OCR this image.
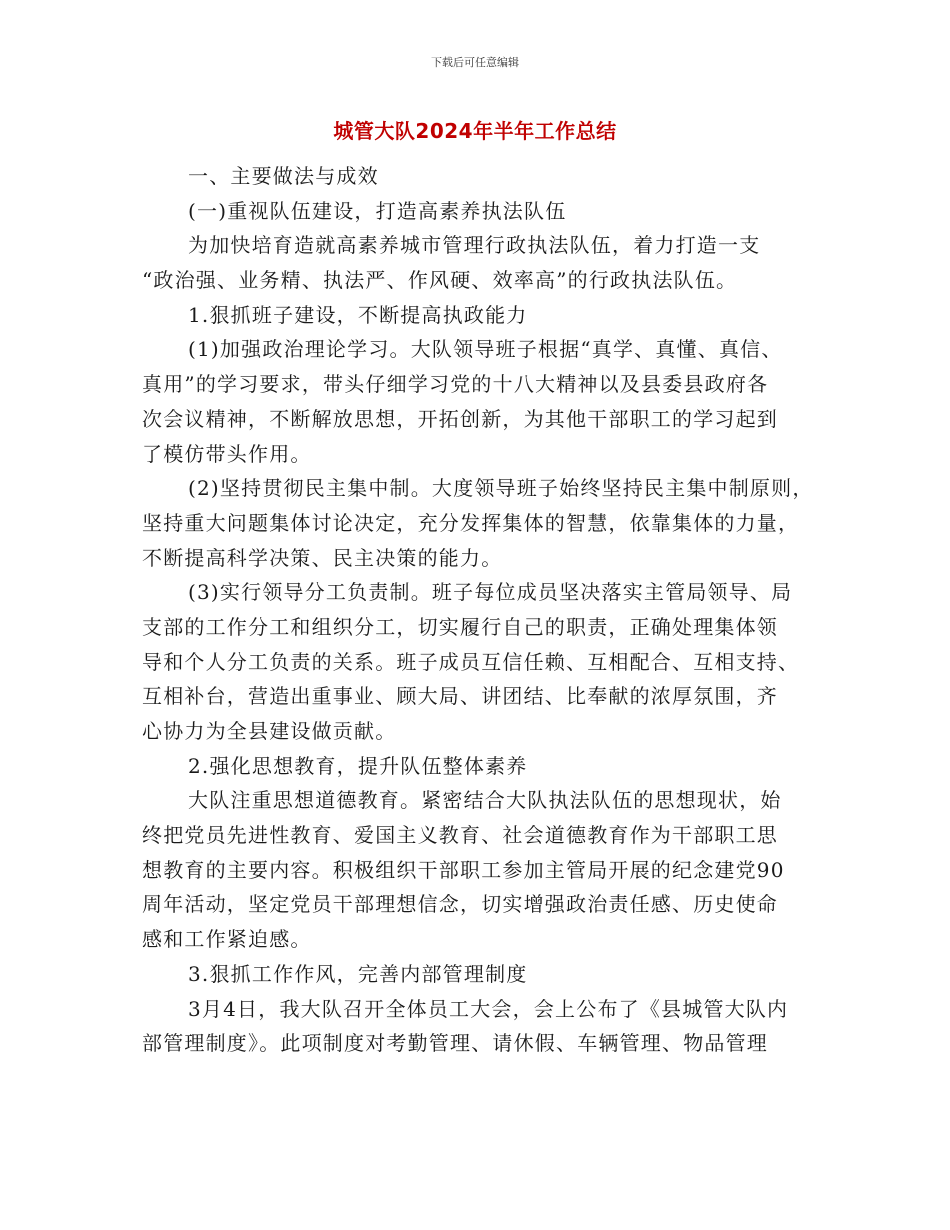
下载后可任意编辑
城管大队2024年半年工作总结
一、主要做法与成效
(一)重视队伍建设，打造高素养执法队伍
为加快培育造就高素养城市管理行政执法队伍，着力打造一支
“政治强、业务精、执法严、作风硬、效率高”的行政执法队伍。
1.狠抓班子建设，不断提高执政能力
(1)加强政治理论学习。大队领导班子根据“真学、真懂、真信、
真用”的学习要求，带头仔细学习党的十八大精神以及县委县政府各
次会议精神，不断解放思想，开拓创新，为其他干部职工的学习起到
了模仿带头作用。
(2)坚持贯彻民主集中制。大度领导班子始终坚持民主集中制原则，
坚持重大问题集体讨论决定，充分发挥集体的智慧，依靠集体的力量，
不断提高科学决策、民主决策的能力。
(3)实行领导分工负责制。班子每位成员坚决落实主管局领导、局
支部的工作分工和组织分工，切实履行自己的职责，正确处理集体领
导和个人分工负责的关系。班子成员互信任赖、互相配合、互相支持、
互相补台，营造出重事业、顾大局、讲团结、比奉献的浓厚氛围，齐
心协力为全县建设做贡献。
2.强化思想教育，提升队伍整体素养
大队注重思想道德教育。紧密结合大队执法队伍的思想现状，始
终把党员先进性教育、爱国主义教育、社会道德教育作为干部职工思
想教育的主要内容。积极组织干部职工参加主管局开展的纪念建党90
周年活动，坚定党员干部理想信念，切实增强政治责任感、历史使命
感和工作紧迫感。
3.狠抓工作作风，完善内部管理制度
3月4日，我大队召开全体员工大会，会上公布了《县城管大队内
部管理制度》。此项制度对考勤管理、请休假、车辆管理、物品管理
